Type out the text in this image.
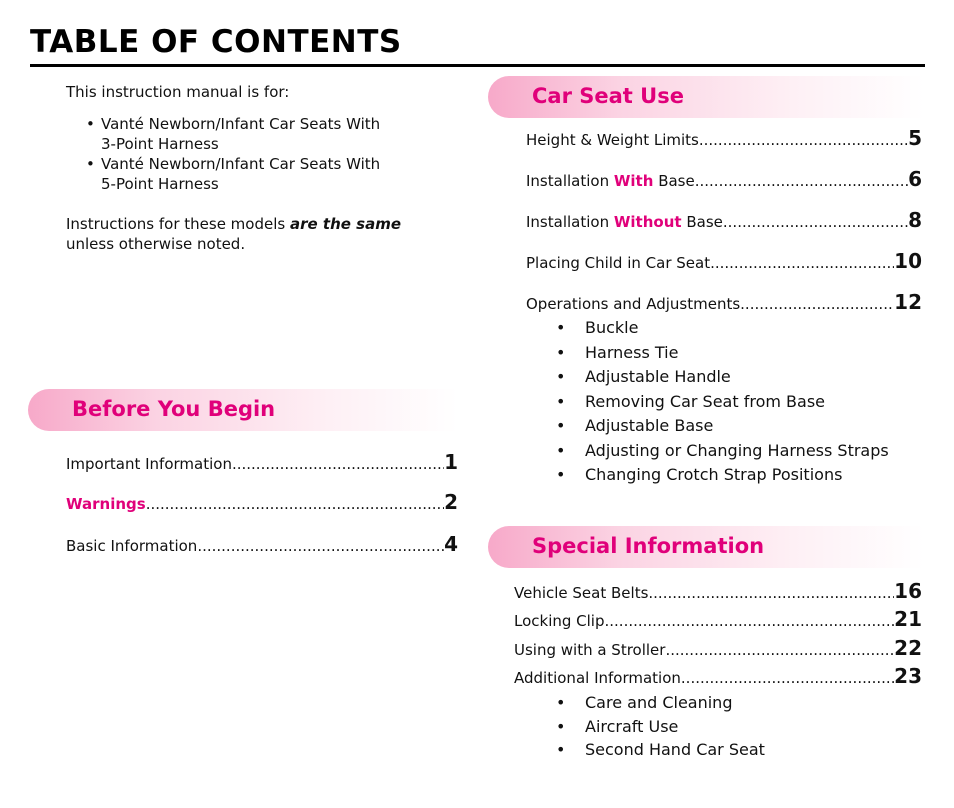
TABLE OF CONTENTS

This instruction manual is for:

• Vanté Newborn/Infant Car Seats With
3-Point Harness
• Vanté Newborn/Infant Car Seats With
5-Point Harness

Instructions for these models are the same
unless otherwise noted.

Before You Begin
Important Information .....	1
Warnings .....	2
Basic Information .....	4
Car Seat Use
Height & Weight Limits .....	5
Installation With Base .....	6
Installation Without Base .....	8
Placing Child in Car Seat .....	10
Operations and Adjustments .....	12
• Buckle
• Harness Tie
• Adjustable Handle
• Removing Car Seat from Base
• Adjustable Base
• Adjusting or Changing Harness Straps
• Changing Crotch Strap Positions
Special Information
Vehicle Seat Belts .....	16
Locking Clip .....	21
Using with a Stroller .....	22
Additional Information .....	23
• Care and Cleaning
• Aircraft Use
• Second Hand Car Seat
